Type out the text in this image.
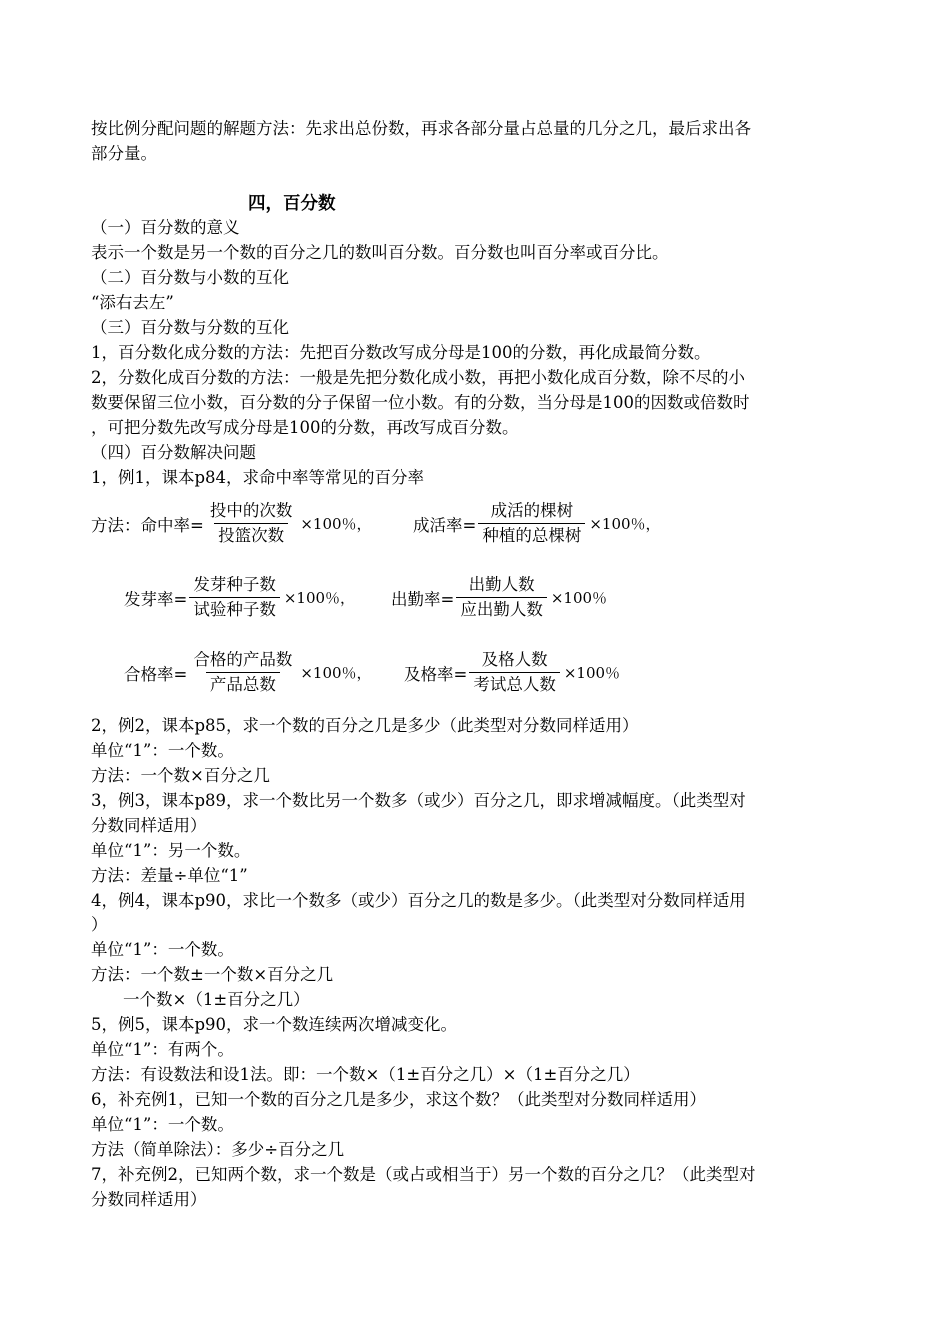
按比例分配问题的解题方法：先求出总份数，再求各部分量占总量的几分之几，最后求出各
部分量。
四，百分数
（一）百分数的意义
表示一个数是另一个数的百分之几的数叫百分数。百分数也叫百分率或百分比。
（二）百分数与小数的互化
“添右去左”
（三）百分数与分数的互化
1，百分数化成分数的方法：先把百分数改写成分母是100的分数，再化成最简分数。
2，分数化成百分数的方法：一般是先把分数化成小数，再把小数化成百分数，除不尽的小
数要保留三位小数，百分数的分子保留一位小数。有的分数，当分母是100的因数或倍数时
，可把分数先改写成分母是100的分数，再改写成百分数。
（四）百分数解决问题
1，例1，课本p84，求命中率等常见的百分率
方法： 命中率= $\frac{\text{投中的次数}}{\text{投篮次数}} \times 100$％，	成活率= $\frac{\text{成活的棵树}}{\text{种植的总棵树}} \times 100$％，
发芽率= $\frac{\text{发芽种子数}}{\text{试验种子数}} \times 100$％， 出勤率= $\frac{\text{出勤人数}}{\text{应出勤人数}} \times 100$％
合格率= $\frac{\text{合格的产品数}}{\text{产品总数}} \times 100$％， 及格率= $\frac{\text{及格人数}}{\text{考试总人数}} \times 100$％
2，例2，课本p85，求一个数的百分之几是多少（此类型对分数同样适用）
单位“1”：一个数。
方法：一个数×百分之几
3，例3，课本p89，求一个数比另一个数多（或少）百分之几，即求增减幅度。（此类型对
分数同样适用）
单位“1”：另一个数。
方法：差量÷单位“1”
4，例4，课本p90，求比一个数多（或少）百分之几的数是多少。（此类型对分数同样适用
）
单位“1”：一个数。
方法：一个数±一个数×百分之几
一个数×（1±百分之几）
5，例5，课本p90，求一个数连续两次增减变化。
单位“1”：有两个。
方法：有设数法和设1法。即：一个数×（1±百分之几）×（1±百分之几）
6，补充例1，已知一个数的百分之几是多少，求这个数？（此类型对分数同样适用）
单位“1”：一个数。
方法（简单除法）：多少÷百分之几
7，补充例2，已知两个数，求一个数是（或占或相当于）另一个数的百分之几？（此类型对
分数同样适用）
